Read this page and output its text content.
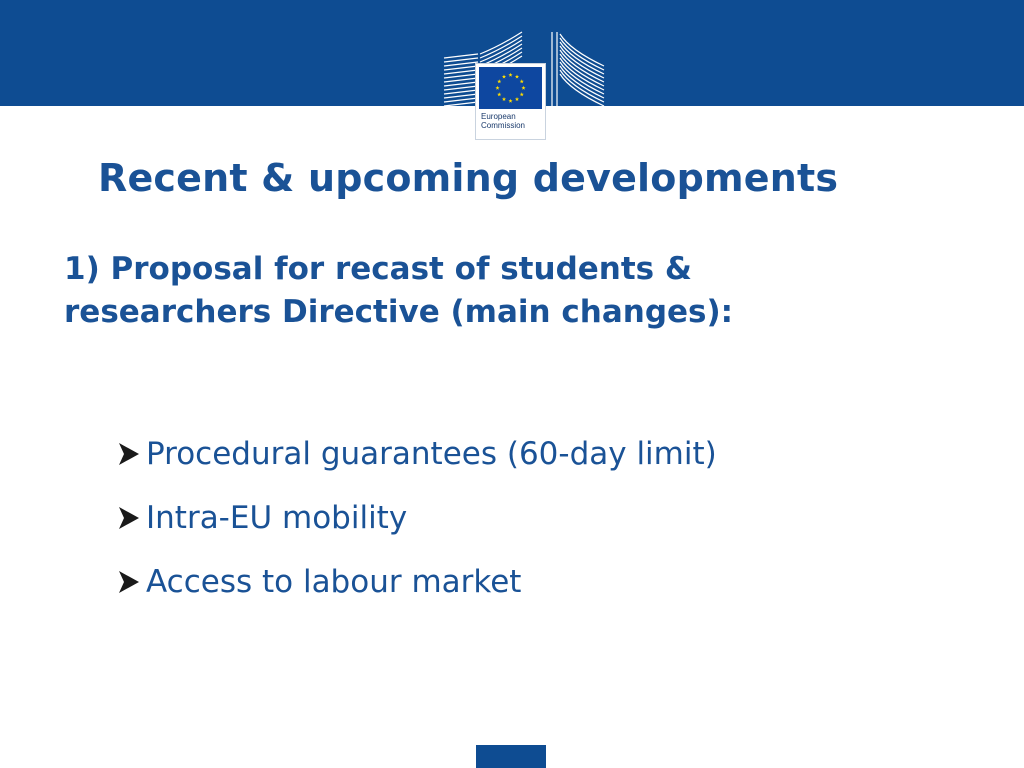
European
Commission
Recent & upcoming developments
1) Proposal for recast of students &
researchers Directive (main changes):
Procedural guarantees (60-day limit)
Intra-EU mobility
Access to labour market
